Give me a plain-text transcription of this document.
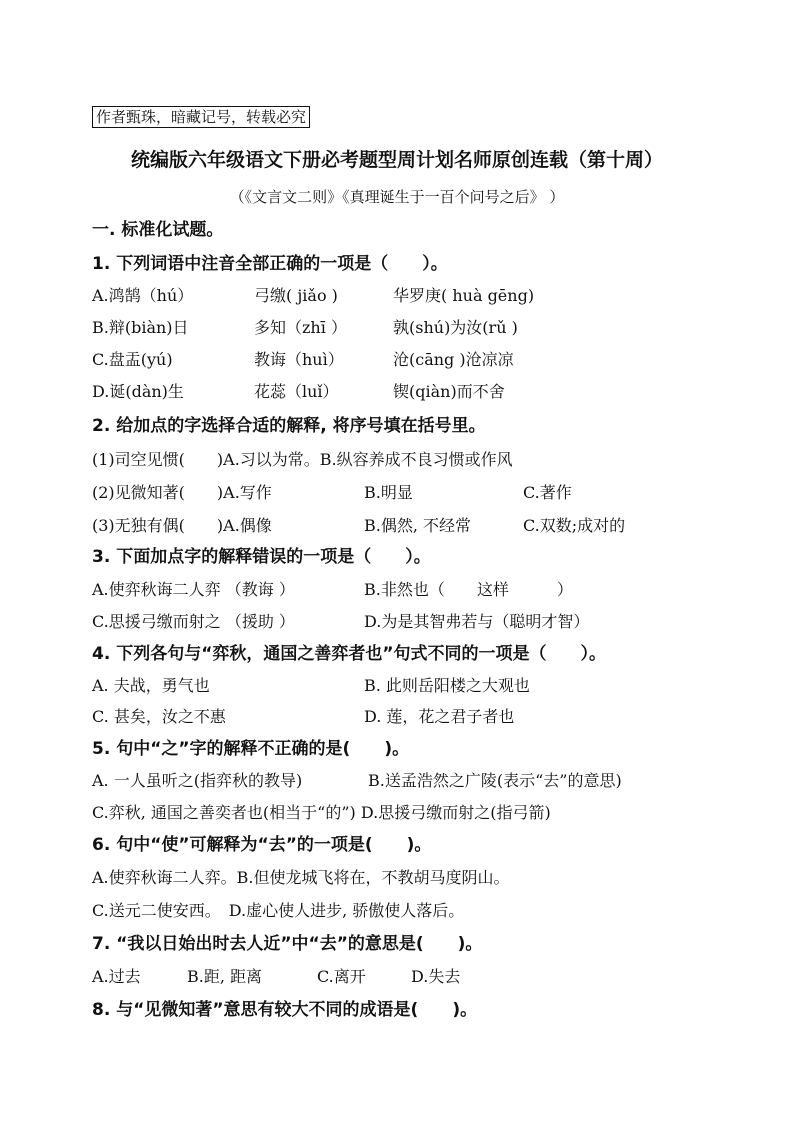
作者甄珠，暗藏记号，转载必究
统编版六年级语文下册必考题型周计划名师原创连载（第十周）
（《文言文二则》《真理诞生于一百个问号之后》 ）
一. 标准化试题。
1. 下列词语中注音全部正确的一项是（　　）。
A.鸿鹄（hú）	弓缴( jiǎo )	华罗庚( huà gēng)
B.辩(biàn)日	多知（zhī ）	孰(shú)为汝(rǔ )
C.盘盂(yú)	教诲（huì）	沧(cāng )沧凉凉
D.诞(dàn)生	花蕊（luǐ）	锲(qiàn)而不舍
2. 给加点的字选择合适的解释, 将序号填在括号里。
(1)司空见惯(　　)A.习以为常。B.纵容养成不良习惯或作风
(2)见微知著(　　)A.写作	B.明显	C.著作
(3)无独有偶(　　)A.偶像	B.偶然, 不经常	C.双数;成对的
3. 下面加点字的解释错误的一项是（　　）。
A.使弈秋诲二人弈 （教诲 ）	B.非然也（　　这样　　　）
C.思援弓缴而射之 （援助 ）	D.为是其智弗若与（聪明才智）
4. 下列各句与“弈秋，通国之善弈者也”句式不同的一项是（　　）。
A. 夫战，勇气也	B. 此则岳阳楼之大观也
C. 甚矣，汝之不惠	D. 莲，花之君子者也
5. 句中“之”字的解释不正确的是(　　)。
A. 一人虽听之(指弈秋的教导)	B.送孟浩然之广陵(表示“去”的意思)
C.弈秋, 通国之善奕者也(相当于“的”) D.思援弓缴而射之(指弓箭)
6. 句中“使”可解释为“去”的一项是(　　)。
A.使弈秋诲二人弈。B.但使龙城飞将在，不教胡马度阴山。
C.送元二使安西。　D.虚心使人进步, 骄傲使人落后。
7. “我以日始出时去人近”中“去”的意思是(　　)。
A.过去	B.距, 距离	C.离开	D.失去
8. 与“见微知著”意思有较大不同的成语是(　　)。
